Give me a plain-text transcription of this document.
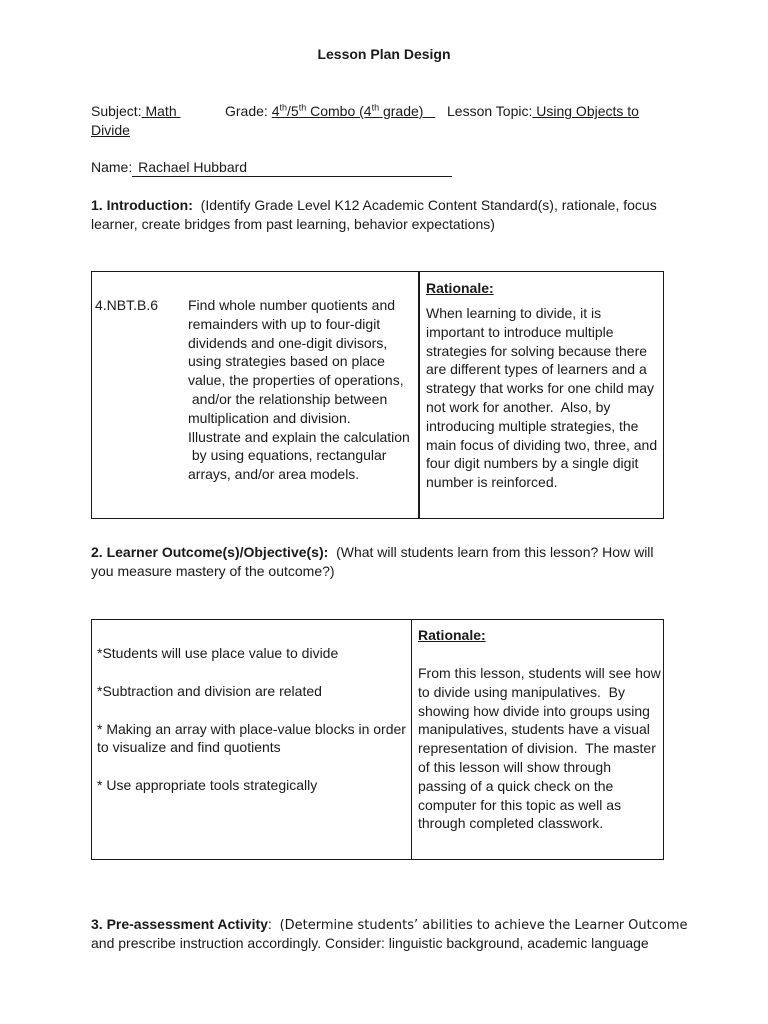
Lesson Plan Design
Subject: Math	Grade: 4th/5th Combo (4th grade)	Lesson Topic: Using Objects to
Divide
Name: Rachael Hubbard
1. Introduction: (Identify Grade Level K12 Academic Content Standard(s), rationale, focus
learner, create bridges from past learning, behavior expectations)
4.NBT.B.6 Find whole number quotients and
remainders with up to four-digit
dividends and one-digit divisors,
using strategies based on place
value, the properties of operations,
and/or the relationship between
multiplication and division.
Illustrate and explain the calculation
by using equations, rectangular
arrays, and/or area models.
Rationale:
When learning to divide, it is
important to introduce multiple
strategies for solving because there
are different types of learners and a
strategy that works for one child may
not work for another.  Also, by
introducing multiple strategies, the
main focus of dividing two, three, and
four digit numbers by a single digit
number is reinforced.
2. Learner Outcome(s)/Objective(s): (What will students learn from this lesson? How will
you measure mastery of the outcome?)

*Students will use place value to divide

*Subtraction and division are related

* Making an array with place-value blocks in order

to visualize and find quotients

* Use appropriate tools strategically

Rationale:
From this lesson, students will see how
to divide using manipulatives.  By
showing how divide into groups using
manipulatives, students have a visual
representation of division.  The master
of this lesson will show through
passing of a quick check on the
computer for this topic as well as
through completed classwork.
3. Pre-assessment Activity: (Determine students’ abilities to achieve the Learner Outcome
and prescribe instruction accordingly. Consider: linguistic background, academic language
